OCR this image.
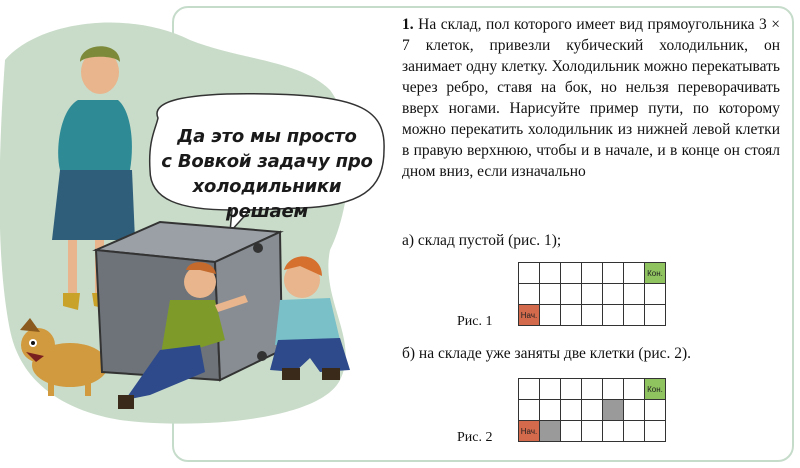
Да это мы просто
с Вовкой задачу про
холодильники решаем
1. На склад, пол которого имеет вид прямоугольника 3 × 7 клеток, привезли кубический холодильник, он занимает одну клетку. Холодильник можно перекатывать через ребро, ставя на бок, но нельзя переворачивать вверх ногами. Нарисуйте пример пути, по которому можно перекатить холодильник из нижней левой клетки в правую верхнюю, чтобы и в начале, и в конце он стоял дном вниз, если изначально
а) склад пустой (рис. 1);
Рис. 1
						Кон.

Нач.						
б) на складе уже заняты две клетки (рис. 2).
Рис. 2
						Кон.

Нач.						
